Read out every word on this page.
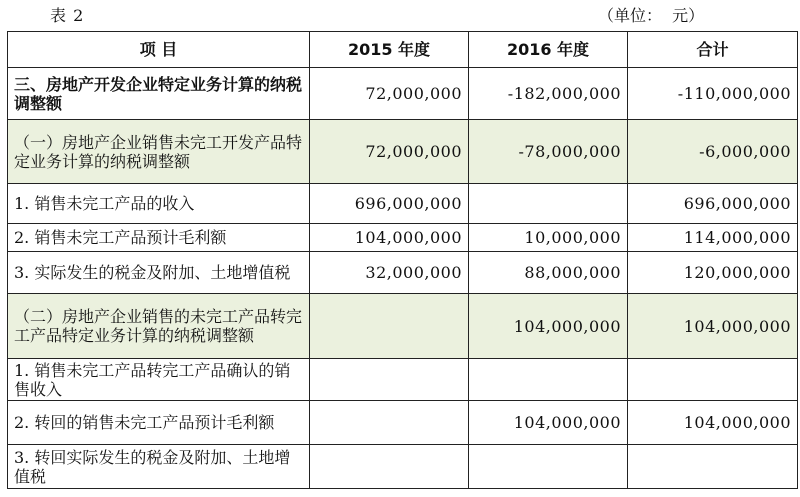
表 2	（单位：  元）
项 目	2015 年度	2016 年度	合计
三、房地产开发企业特定业务计算的纳税调整额	72,000,000	-182,000,000	-110,000,000
（一）房地产企业销售未完工开发产品特定业务计算的纳税调整额	72,000,000	-78,000,000	-6,000,000
1. 销售未完工产品的收入	696,000,000		696,000,000
2. 销售未完工产品预计毛利额	104,000,000	10,000,000	114,000,000
3. 实际发生的税金及附加、土地增值税	32,000,000	88,000,000	120,000,000
（二）房地产企业销售的未完工产品转完工产品特定业务计算的纳税调整额		104,000,000	104,000,000
1. 销售未完工产品转完工产品确认的销售收入			
2. 转回的销售未完工产品预计毛利额		104,000,000	104,000,000
3. 转回实际发生的税金及附加、土地增值税			
